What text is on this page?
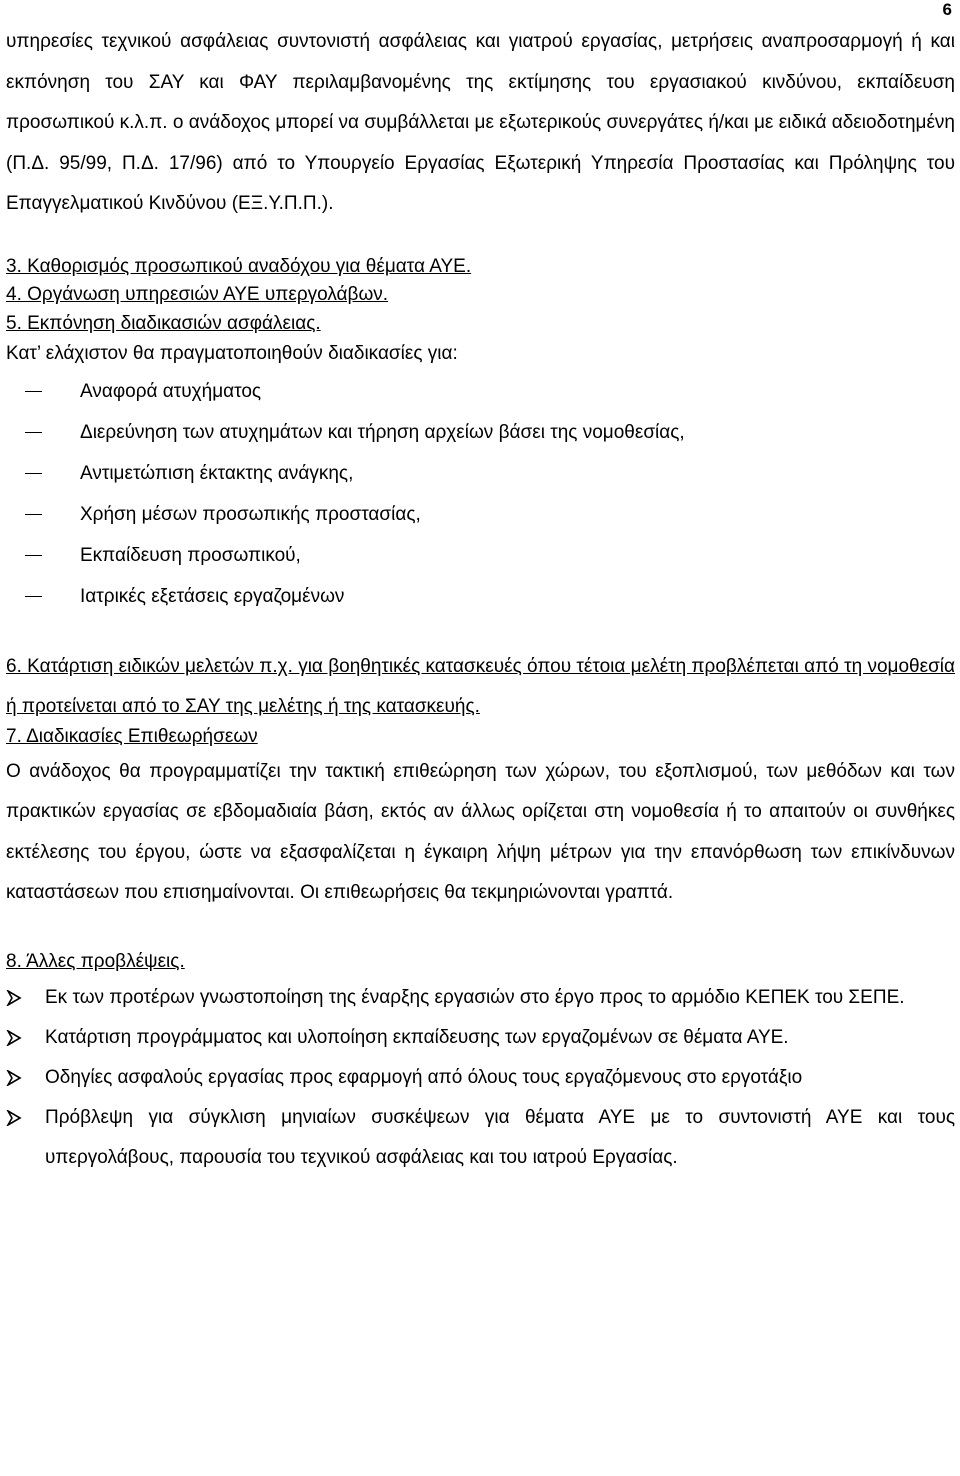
6

υπηρεσίες τεχνικού ασφάλειας συντονιστή ασφάλειας και γιατρού εργασίας, μετρήσεις αναπροσαρμογή ή και εκπόνηση του ΣΑΥ και ΦΑΥ περιλαμβανομένης της εκτίμησης του εργασιακού κινδύνου, εκπαίδευση προσωπικού κ.λ.π. ο ανάδοχος μπορεί να συμβάλλεται με εξωτερικούς συνεργάτες ή/και με ειδικά αδειοδοτημένη (Π.Δ. 95/99, Π.Δ. 17/96) από το Υπουργείο Εργασίας Εξωτερική Υπηρεσία Προστασίας και Πρόληψης του Επαγγελματικού Κινδύνου (ΕΞ.Υ.Π.Π.).

3. Καθορισμός προσωπικού αναδόχου για θέματα ΑΥΕ.

4. Οργάνωση υπηρεσιών ΑΥΕ υπεργολάβων.

5. Εκπόνηση διαδικασιών ασφάλειας.

Κατ’ ελάχιστον θα πραγματοποιηθούν διαδικασίες για:

Αναφορά ατυχήματος
Διερεύνηση των ατυχημάτων και τήρηση αρχείων βάσει της νομοθεσίας,
Αντιμετώπιση έκτακτης ανάγκης,
Χρήση μέσων προσωπικής προστασίας,
Εκπαίδευση προσωπικού,
Ιατρικές εξετάσεις εργαζομένων

6. Κατάρτιση ειδικών μελετών π.χ. για βοηθητικές κατασκευές όπου τέτοια μελέτη προβλέπεται από τη νομοθεσία ή προτείνεται από το ΣΑΥ της μελέτης ή της κατασκευής.

7. Διαδικασίες Επιθεωρήσεων

Ο ανάδοχος θα προγραμματίζει την τακτική επιθεώρηση των χώρων, του εξοπλισμού, των μεθόδων και των πρακτικών εργασίας σε εβδομαδιαία βάση, εκτός αν άλλως ορίζεται στη νομοθεσία ή το απαιτούν οι συνθήκες εκτέλεσης του έργου, ώστε να εξασφαλίζεται η έγκαιρη λήψη μέτρων για την επανόρθωση των επικίνδυνων καταστάσεων που επισημαίνονται. Οι επιθεωρήσεις θα τεκμηριώνονται γραπτά.

8. Άλλες προβλέψεις.

Εκ των προτέρων γνωστοποίηση της έναρξης εργασιών στο έργο προς το αρμόδιο ΚΕΠΕΚ του ΣΕΠΕ.
Κατάρτιση προγράμματος και υλοποίηση εκπαίδευσης των εργαζομένων σε θέματα ΑΥΕ.
Οδηγίες ασφαλούς εργασίας προς εφαρμογή από όλους τους εργαζόμενους στο εργοτάξιο
Πρόβλεψη για σύγκλιση μηνιαίων συσκέψεων για θέματα ΑΥΕ με το συντονιστή ΑΥΕ και τους υπεργολάβους, παρουσία του τεχνικού ασφάλειας και του ιατρού Εργασίας.
